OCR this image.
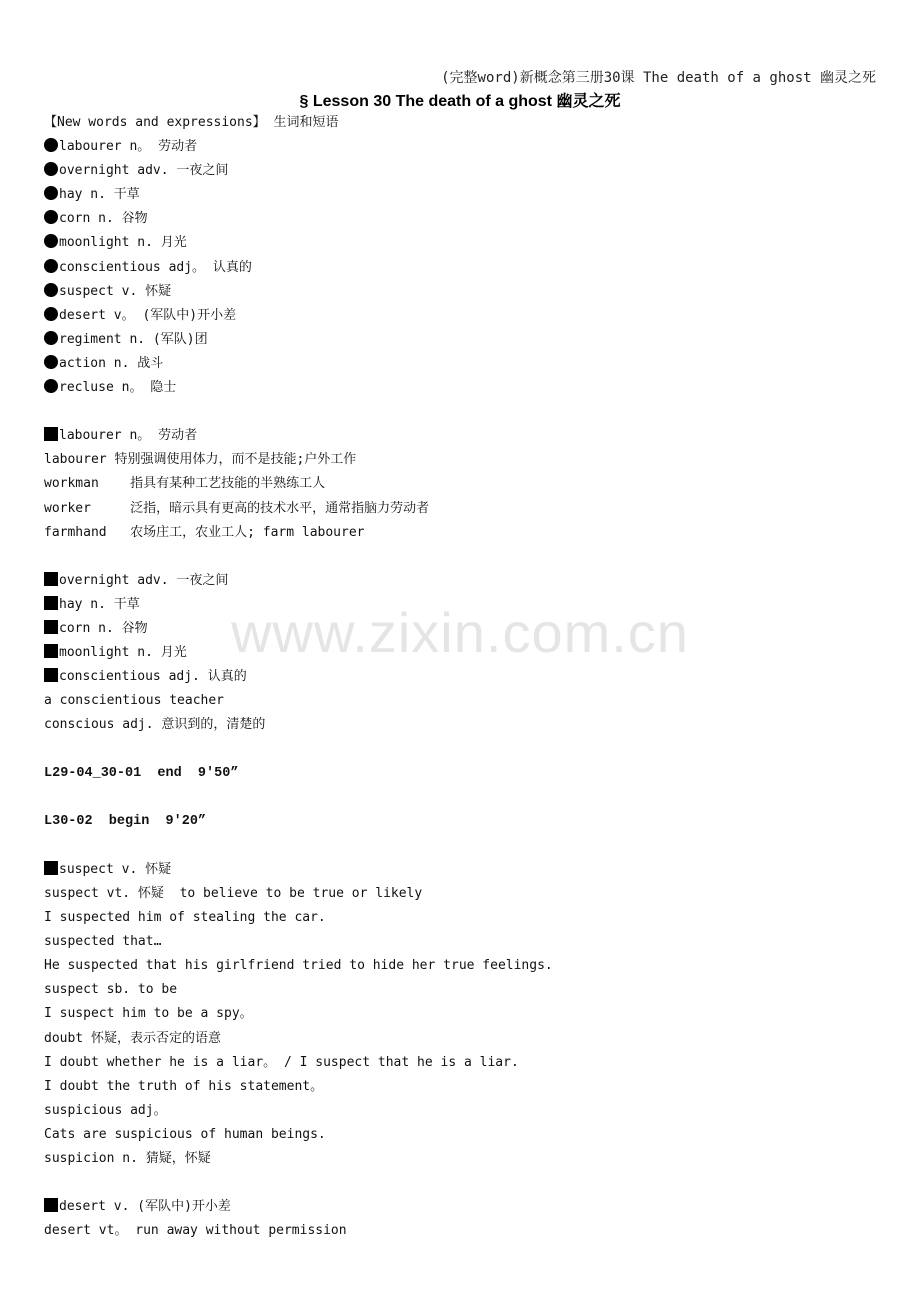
(完整word)新概念第三册30课 The death of a ghost 幽灵之死
§ Lesson 30 The death of a ghost 幽灵之死
www.zixin.com.cn
【New words and expressions】 生词和短语
labourer n。 劳动者
overnight adv. 一夜之间
hay n. 干草
corn n. 谷物
moonlight n. 月光
conscientious adj。 认真的
suspect v. 怀疑
desert v。 (军队中)开小差
regiment n. (军队)团
action n. 战斗
recluse n。 隐士
labourer n。 劳动者
labourer 特别强调使用体力，而不是技能;户外工作
workman    指具有某种工艺技能的半熟练工人
worker     泛指，暗示具有更高的技术水平，通常指脑力劳动者
farmhand   农场庄工，农业工人; farm labourer
overnight adv. 一夜之间
hay n. 干草
corn n. 谷物
moonlight n. 月光
conscientious adj. 认真的
a conscientious teacher
conscious adj. 意识到的，清楚的
L29-04_30-01  end  9'50”
L30-02  begin  9'20”
suspect v. 怀疑
suspect vt. 怀疑  to believe to be true or likely
I suspected him of stealing the car.
suspected that…
He suspected that his girlfriend tried to hide her true feelings.
suspect sb. to be
I suspect him to be a spy。
doubt 怀疑，表示否定的语意
I doubt whether he is a liar。 / I suspect that he is a liar.
I doubt the truth of his statement。
suspicious adj。
Cats are suspicious of human beings.
suspicion n. 猜疑，怀疑
desert v. (军队中)开小差
desert vt。 run away without permission
